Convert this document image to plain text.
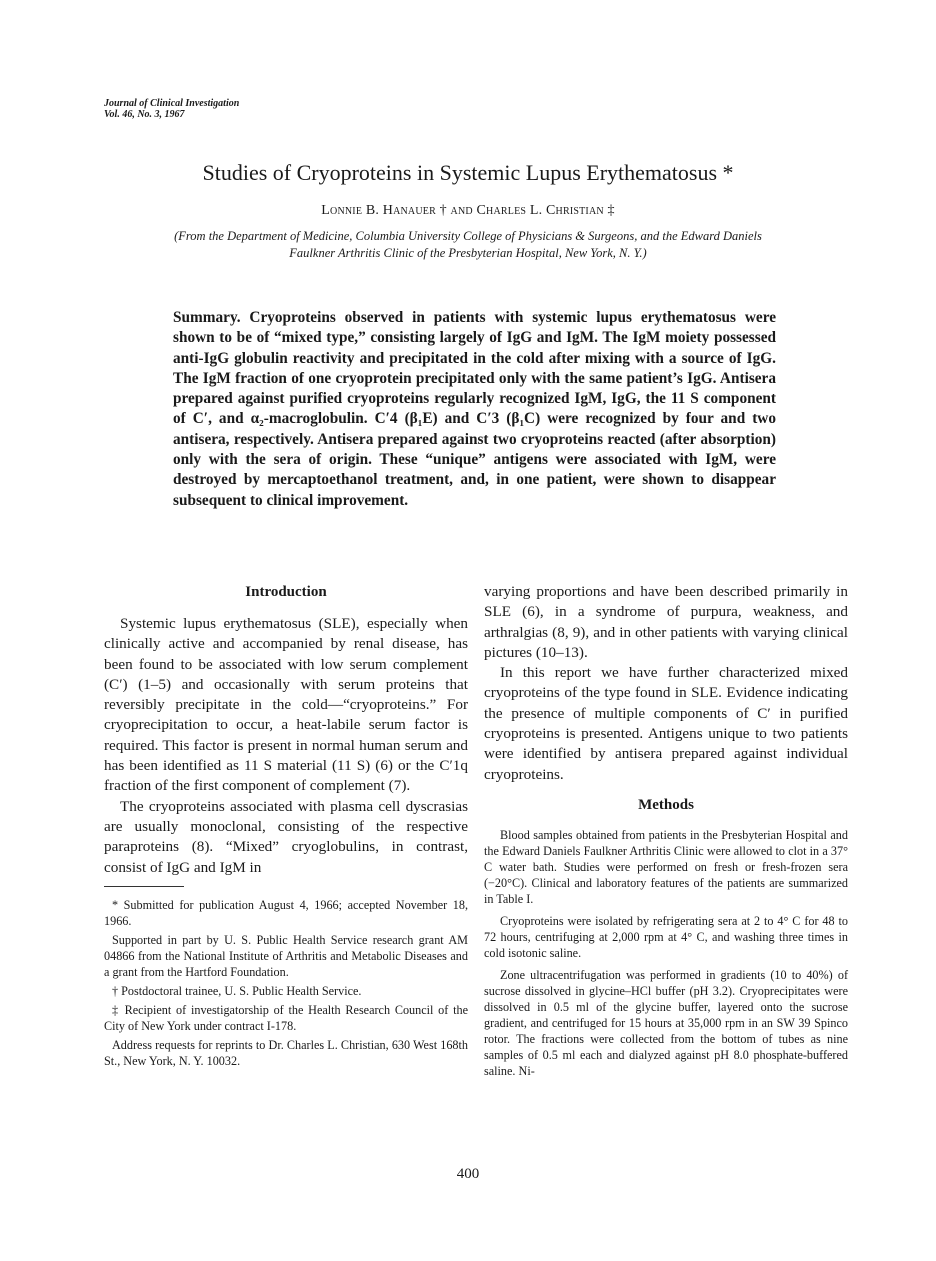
Journal of Clinical Investigation
Vol. 46, No. 3, 1967
Studies of Cryoproteins in Systemic Lupus Erythematosus *
Lonnie B. Hanauer † and Charles L. Christian ‡
(From the Department of Medicine, Columbia University College of Physicians & Surgeons, and the Edward Daniels Faulkner Arthritis Clinic of the Presbyterian Hospital, New York, N. Y.)
Summary. Cryoproteins observed in patients with systemic lupus erythematosus were shown to be of “mixed type,” consisting largely of IgG and IgM. The IgM moiety possessed anti-IgG globulin reactivity and precipitated in the cold after mixing with a source of IgG. The IgM fraction of one cryoprotein precipitated only with the same patient’s IgG. Antisera prepared against purified cryoproteins regularly recognized IgM, IgG, the 11 S component of C′, and α₂-macroglobulin. C′4 (β₁E) and C′3 (β₁C) were recognized by four and two antisera, respectively. Antisera prepared against two cryoproteins reacted (after absorption) only with the sera of origin. These “unique” antigens were associated with IgM, were destroyed by mercaptoethanol treatment, and, in one patient, were shown to disappear subsequent to clinical improvement.
Introduction

Systemic lupus erythematosus (SLE), especially when clinically active and accompanied by renal disease, has been found to be associated with low serum complement (C′) (1–5) and occasionally with serum proteins that reversibly precipitate in the cold—“cryoproteins.” For cryoprecipitation to occur, a heat-labile serum factor is required. This factor is present in normal human serum and has been identified as 11 S material (11 S) (6) or the C′1q fraction of the first component of complement (7).

The cryoproteins associated with plasma cell dyscrasias are usually monoclonal, consisting of the respective paraproteins (8). “Mixed” cryoglobulins, in contrast, consist of IgG and IgM in

* Submitted for publication August 4, 1966; accepted November 18, 1966.

Supported in part by U. S. Public Health Service research grant AM 04866 from the National Institute of Arthritis and Metabolic Diseases and a grant from the Hartford Foundation.

† Postdoctoral trainee, U. S. Public Health Service.

‡ Recipient of investigatorship of the Health Research Council of the City of New York under contract I-178.

Address requests for reprints to Dr. Charles L. Christian, 630 West 168th St., New York, N. Y. 10032.

varying proportions and have been described primarily in SLE (6), in a syndrome of purpura, weakness, and arthralgias (8, 9), and in other patients with varying clinical pictures (10–13).

In this report we have further characterized mixed cryoproteins of the type found in SLE. Evidence indicating the presence of multiple components of C′ in purified cryoproteins is presented. Antigens unique to two patients were identified by antisera prepared against individual cryoproteins.

Methods

Blood samples obtained from patients in the Presbyterian Hospital and the Edward Daniels Faulkner Arthritis Clinic were allowed to clot in a 37° C water bath. Studies were performed on fresh or fresh-frozen sera (−20°C). Clinical and laboratory features of the patients are summarized in Table I.

Cryoproteins were isolated by refrigerating sera at 2 to 4° C for 48 to 72 hours, centrifuging at 2,000 rpm at 4° C, and washing three times in cold isotonic saline.

Zone ultracentrifugation was performed in gradients (10 to 40%) of sucrose dissolved in glycine–HCl buffer (pH 3.2). Cryoprecipitates were dissolved in 0.5 ml of the glycine buffer, layered onto the sucrose gradient, and centrifuged for 15 hours at 35,000 rpm in an SW 39 Spinco rotor. The fractions were collected from the bottom of tubes as nine samples of 0.5 ml each and dialyzed against pH 8.0 phosphate-buffered saline. Ni-

400
